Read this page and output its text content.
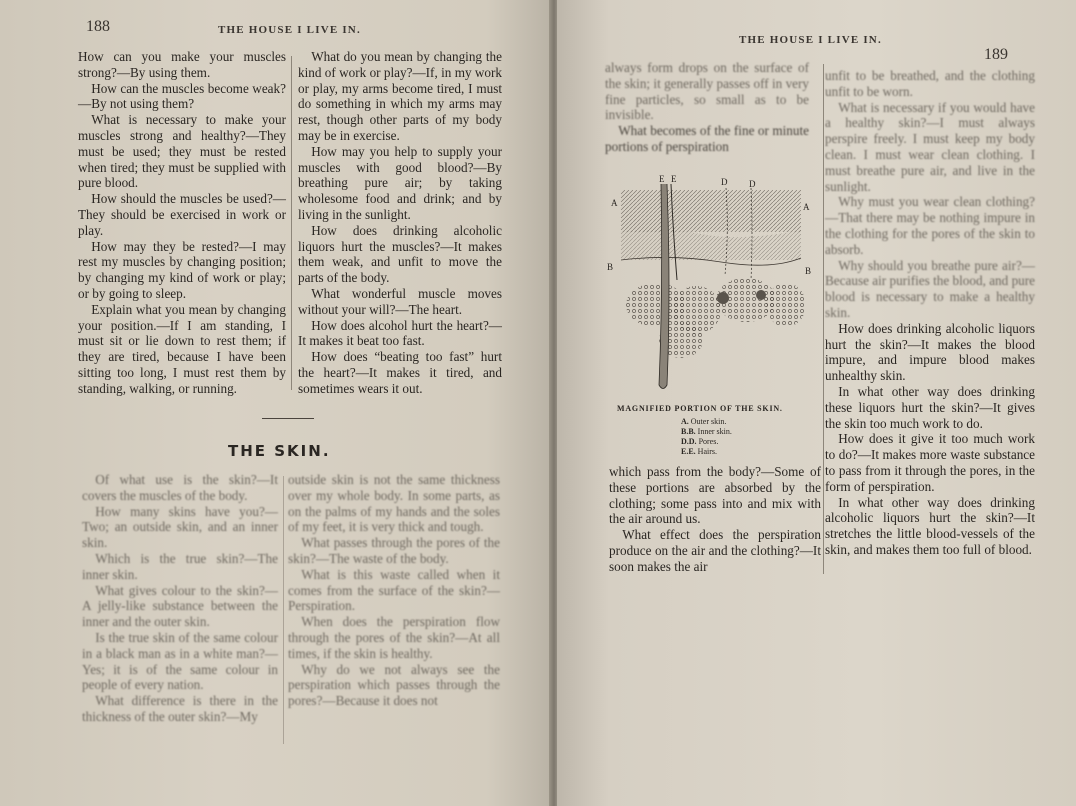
188	THE HOUSE I LIVE IN.

How can you make your muscles strong?—By using them.

How can the muscles become weak?—By not using them?

What is necessary to make your muscles strong and healthy?—They must be used; they must be rested when tired; they must be supplied with pure blood.

How should the muscles be used?—They should be exercised in work or play.

How may they be rested?—I may rest my muscles by changing position; by changing my kind of work or play; or by going to sleep.

Explain what you mean by changing your position.—If I am standing, I must sit or lie down to rest them; if they are tired, because I have been sitting too long, I must rest them by standing, walking, or running.

What do you mean by changing the kind of work or play?—If, in my work or play, my arms become tired, I must do something in which my arms may rest, though other parts of my body may be in exercise.

How may you help to supply your muscles with good blood?—By breathing pure air; by taking wholesome food and drink; and by living in the sunlight.

How does drinking alcoholic liquors hurt the muscles?—It makes them weak, and unfit to move the parts of the body.

What wonderful muscle moves without your will?—The heart.

How does alcohol hurt the heart?—It makes it beat too fast.

How does “beating too fast” hurt the heart?—It makes it tired, and sometimes wears it out.

THE SKIN.

Of what use is the skin?—It covers the muscles of the body.

How many skins have you?—Two; an outside skin, and an inner skin.

Which is the true skin?—The inner skin.

What gives colour to the skin?—A jelly-like substance between the inner and the outer skin.

Is the true skin of the same colour in a black man as in a white man?—Yes; it is of the same colour in people of every nation.

What difference is there in the thickness of the outer skin?—My

outside skin is not the same thickness over my whole body. In some parts, as on the palms of my hands and the soles of my feet, it is very thick and tough.

What passes through the pores of the skin?—The waste of the body.

What is this waste called when it comes from the surface of the skin?—Perspiration.

When does the perspiration flow through the pores of the skin?—At all times, if the skin is healthy.

Why do we not always see the perspiration which passes through the pores?—Because it does not

THE HOUSE I LIVE IN.
189

always form drops on the surface of the skin; it generally passes off in very fine particles, so small as to be invisible.

What becomes of the fine or minute portions of perspiration

A	A
B	B
E E	D D
MAGNIFIED PORTION OF THE SKIN.
A. Outer skin.
B.B. Inner skin.
D.D. Pores.
E.E. Hairs.

which pass from the body?—Some of these portions are absorbed by the clothing; some pass into and mix with the air around us.

What effect does the perspiration produce on the air and the clothing?—It soon makes the air

unfit to be breathed, and the clothing unfit to be worn.

What is necessary if you would have a healthy skin?—I must always perspire freely. I must keep my body clean. I must wear clean clothing. I must breathe pure air, and live in the sunlight.

Why must you wear clean clothing?—That there may be nothing impure in the clothing for the pores of the skin to absorb.

Why should you breathe pure air?—Because air purifies the blood, and pure blood is necessary to make a healthy skin.

How does drinking alcoholic liquors hurt the skin?—It makes the blood impure, and impure blood makes unhealthy skin.

In what other way does drinking these liquors hurt the skin?—It gives the skin too much work to do.

How does it give it too much work to do?—It makes more waste substance to pass from it through the pores, in the form of perspiration.

In what other way does drinking alcoholic liquors hurt the skin?—It stretches the little blood-vessels of the skin, and makes them too full of blood.
